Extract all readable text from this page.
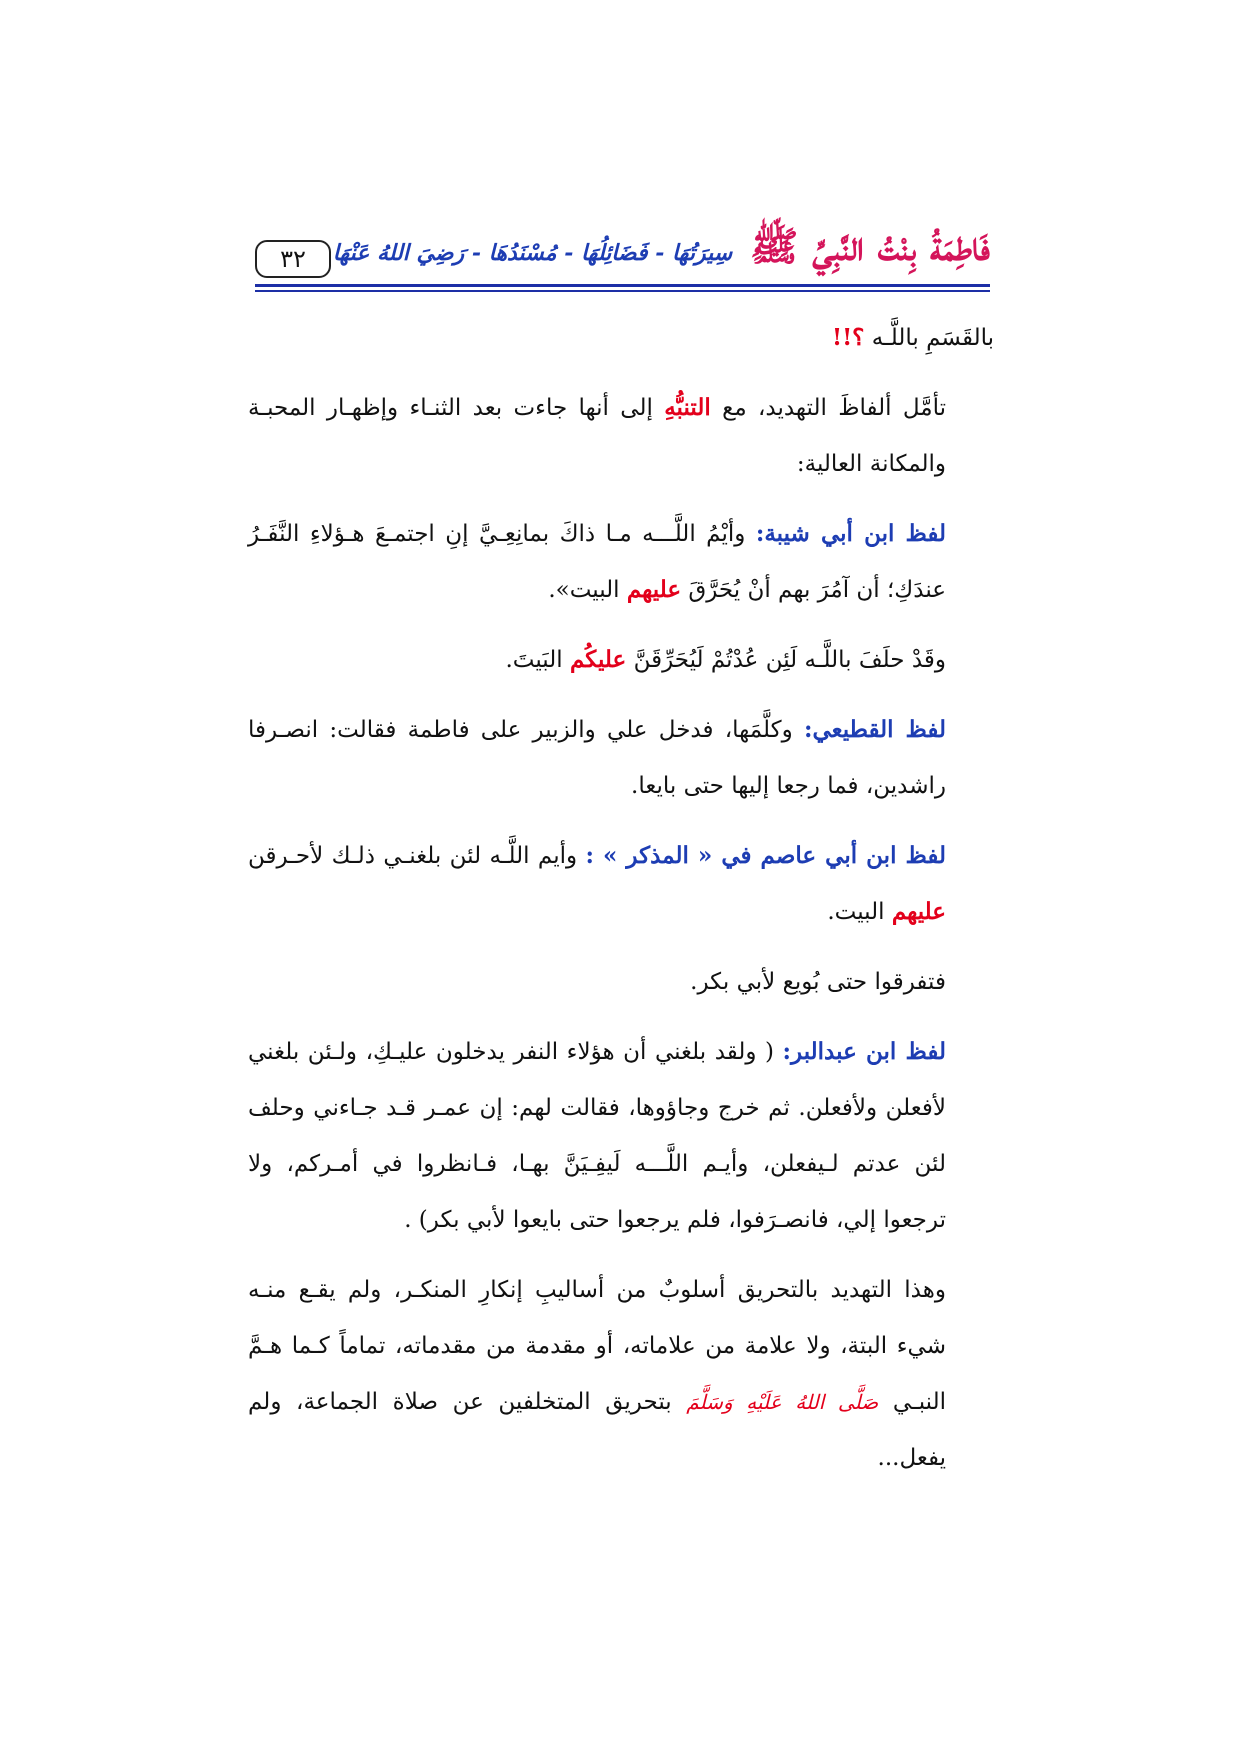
٣٢	فَاطِمَةُ بِنْتُ النَّبِيِّ ﷺ سِيرَتُهَا - فَضَائِلُهَا - مُسْنَدُهَا - رَضِيَ اللهُ عَنْهَا

بالقَسَمِ باللَّـه ؟!!

تأمَّل ألفاظَ التهديد، مع التنبُّهِ إلى أنها جاءت بعد الثنـاء وإظهـار المحبـة والمكانة العالية:

لفظ ابن أبي شيبة: وأيْمُ اللَّـــه مـا ذاكَ بمانِعِـيَّ إنِ اجتمـعَ هـؤلاءِ النَّفَـرُ عندَكِ؛ أن آمُرَ بهم أنْ يُحَرَّقَ عليهم البيت».

وقَدْ حلَفَ باللَّـه لَئِن عُدْتُمْ لَيُحَرِّقَنَّ عليكُم البَيتَ.

لفظ القطيعي: وكلَّمَها، فدخل علي والزبير على فاطمة فقالت: انصـرفا راشدين، فما رجعا إليها حتى بايعا.

لفظ ابن أبي عاصم في « المذكر » : وأيم اللَّـه لئن بلغنـي ذلـك لأحـرقن عليهم البيت.

فتفرقوا حتى بُويع لأبي بكر.

لفظ ابن عبدالبر: ( ولقد بلغني أن هؤلاء النفر يدخلون عليـكِ، ولـئن بلغني لأفعلن ولأفعلن. ثم خرج وجاؤوها، فقالت لهم: إن عمـر قـد جـاءني وحلف لئن عدتم لـيفعلن، وأيـم اللَّـــه لَيفِـيَنَّ بهـا، فـانظروا في أمـركم، ولا ترجعوا إلي، فانصـرَفوا، فلم يرجعوا حتى بايعوا لأبي بكر) .

وهذا التهديد بالتحريق أسلوبٌ من أساليبِ إنكارِ المنكـر، ولم يقـع منـه شيء البتة، ولا علامة من علاماته، أو مقدمة من مقدماته، تماماً كـما هـمَّ النبـي صَلَّى اللهُ عَلَيْهِ وَسَلَّمَ بتحريق المتخلفين عن صلاة الجماعة، ولم يفعل...
